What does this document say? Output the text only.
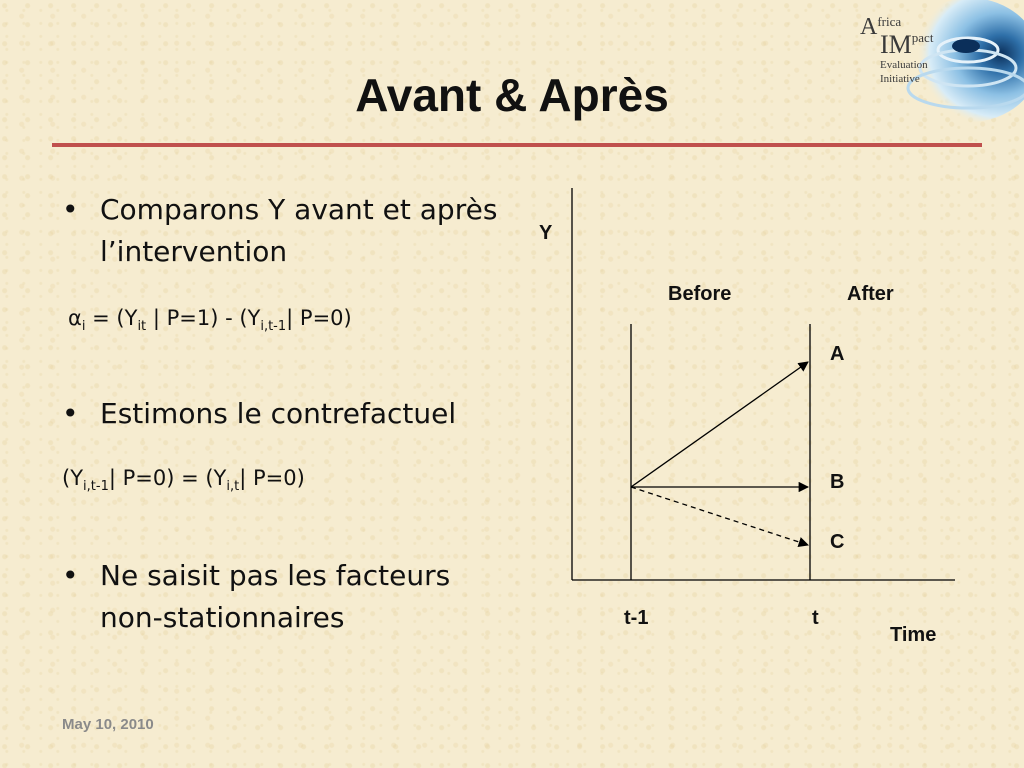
Avant & Après
$A^{frica}$
$IM^{pact}$
Evaluation
Initiative
• Comparons Y avant et après l’intervention
$\alpha_i = (Y_{it}$ | $P=1) - (Y_{i,t-1}|$ P=0)
• Estimons le contrefactuel
($Y_{i,t-1}|$ $P=0) = (Y_{i,t}|$ P=0)
• Ne saisit pas les facteurs non-stationnaires
Y
Before	After
A
B
C
t-1	t
Time
May 10, 2010
